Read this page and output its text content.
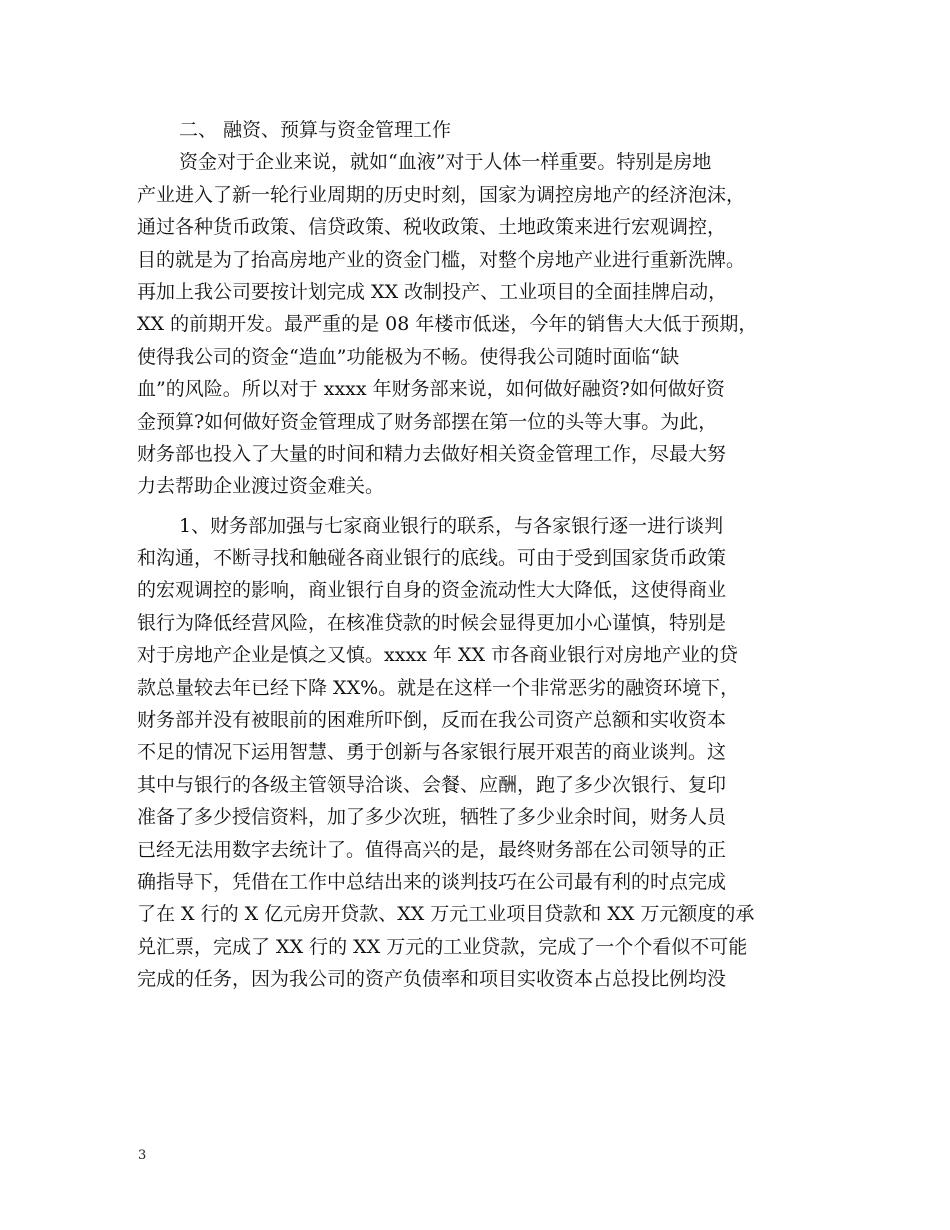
二、 融资、预算与资金管理工作
资金对于企业来说，就如“血液”对于人体一样重要。特别是房地
产业进入了新一轮行业周期的历史时刻，国家为调控房地产的经济泡沫，
通过各种货币政策、信贷政策、税收政策、土地政策来进行宏观调控，
目的就是为了抬高房地产业的资金门槛，对整个房地产业进行重新洗牌。
再加上我公司要按计划完成 XX 改制投产、工业项目的全面挂牌启动，
XX 的前期开发。最严重的是 08 年楼市低迷，今年的销售大大低于预期，
使得我公司的资金“造血”功能极为不畅。使得我公司随时面临“缺
血”的风险。所以对于 xxxx 年财务部来说，如何做好融资?如何做好资
金预算?如何做好资金管理成了财务部摆在第一位的头等大事。为此，
财务部也投入了大量的时间和精力去做好相关资金管理工作，尽最大努
力去帮助企业渡过资金难关。
1、财务部加强与七家商业银行的联系，与各家银行逐一进行谈判
和沟通，不断寻找和触碰各商业银行的底线。可由于受到国家货币政策
的宏观调控的影响，商业银行自身的资金流动性大大降低，这使得商业
银行为降低经营风险，在核准贷款的时候会显得更加小心谨慎，特别是
对于房地产企业是慎之又慎。xxxx 年 XX 市各商业银行对房地产业的贷
款总量较去年已经下降 XX%。就是在这样一个非常恶劣的融资环境下，
财务部并没有被眼前的困难所吓倒，反而在我公司资产总额和实收资本
不足的情况下运用智慧、勇于创新与各家银行展开艰苦的商业谈判。这
其中与银行的各级主管领导洽谈、会餐、应酬，跑了多少次银行、复印
准备了多少授信资料，加了多少次班，牺牲了多少业余时间，财务人员
已经无法用数字去统计了。值得高兴的是，最终财务部在公司领导的正
确指导下，凭借在工作中总结出来的谈判技巧在公司最有利的时点完成
了在 X 行的 X 亿元房开贷款、XX 万元工业项目贷款和 XX 万元额度的承
兑汇票，完成了 XX 行的 XX 万元的工业贷款，完成了一个个看似不可能
完成的任务，因为我公司的资产负债率和项目实收资本占总投比例均没
3
